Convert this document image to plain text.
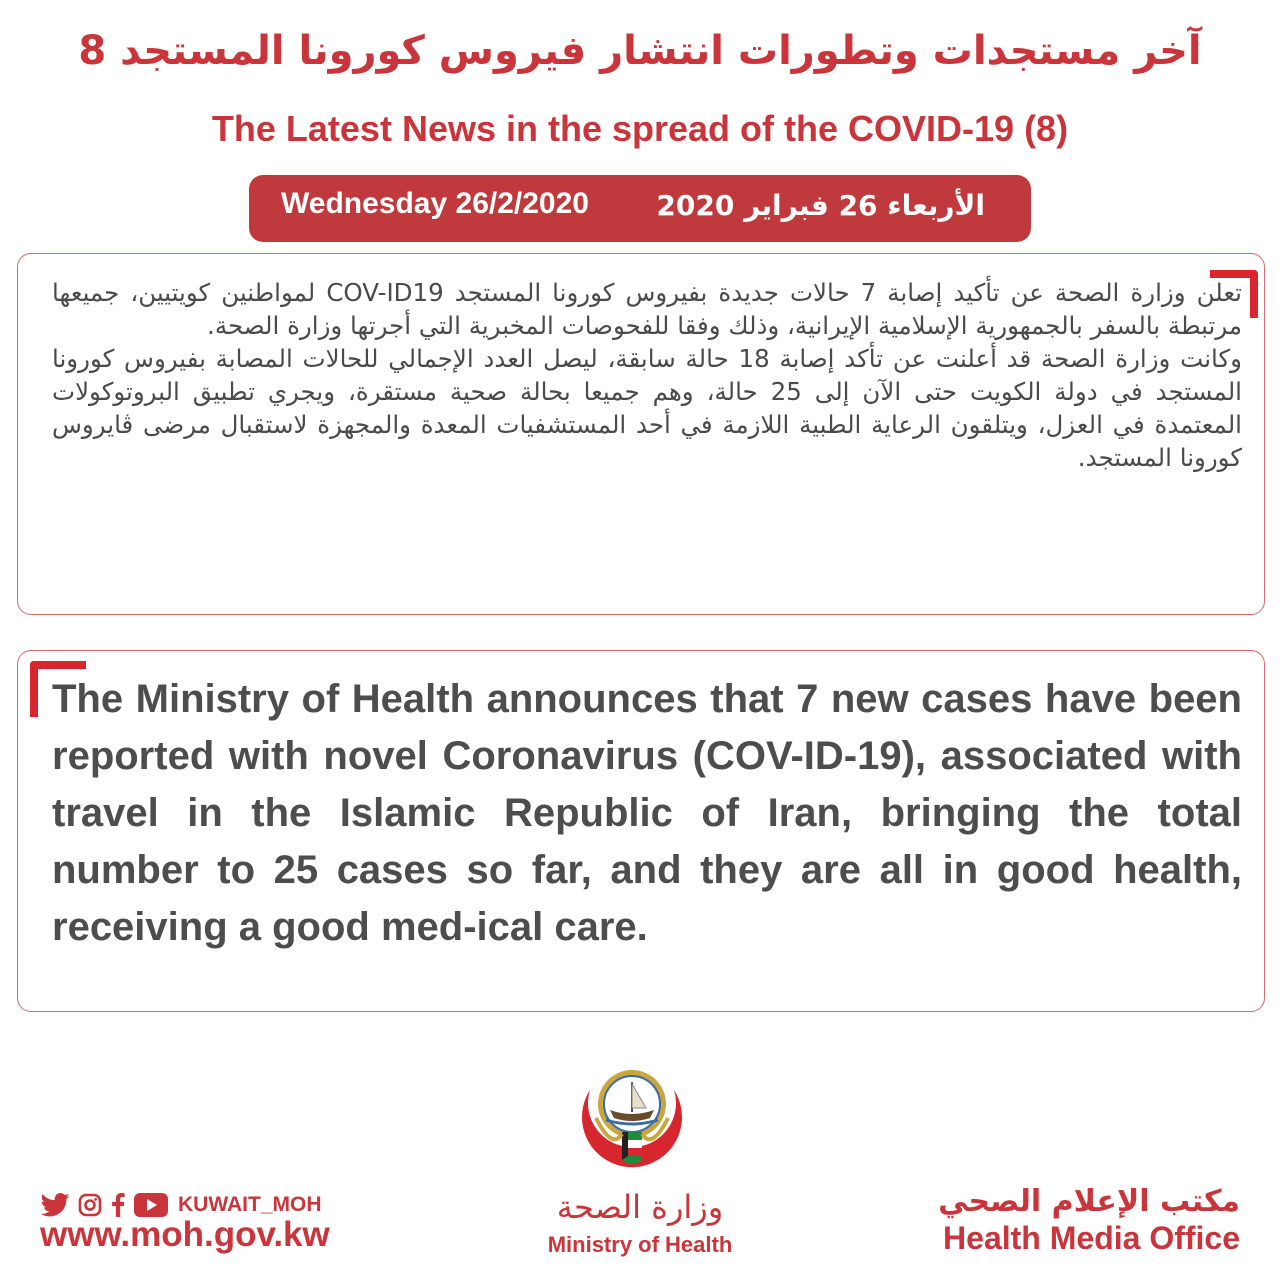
آخر مستجدات وتطورات انتشار فيروس كورونا المستجد 8
The Latest News in the spread of the COVID-19 (8)
Wednesday 26/2/2020 الأربعاء 26 فبراير 2020

تعلن وزارة الصحة عن تأكيد إصابة 7 حالات جديدة بفيروس كورونا المستجد COV-ID19 لمواطنين كويتيين، جميعها مرتبطة بالسفر بالجمهورية الإسلامية الإيرانية، وذلك وفقا للفحوصات المخبرية التي أجرتها وزارة الصحة.

وكانت وزارة الصحة قد أعلنت عن تأكد إصابة 18 حالة سابقة، ليصل العدد الإجمالي للحالات المصابة بفيروس كورونا المستجد في دولة الكويت حتى الآن إلى 25 حالة، وهم جميعا بحالة صحية مستقرة، ويجري تطبيق البروتوكولات المعتمدة في العزل، ويتلقون الرعاية الطبية اللازمة في أحد المستشفيات المعدة والمجهزة لاستقبال مرضى ڤايروس كورونا المستجد.

The Ministry of Health announces that 7 new cases have been reported with novel Coronavirus (COV-ID-19), associated with travel in the Islamic Republic of Iran, bringing the total number to 25 cases so far, and they are all in good health, receiving a good med-ical care.
وزارة الصحة
Ministry of Health
KUWAIT_MOH
www.moh.gov.kw
مكتب الإعلام الصحي
Health Media Office
